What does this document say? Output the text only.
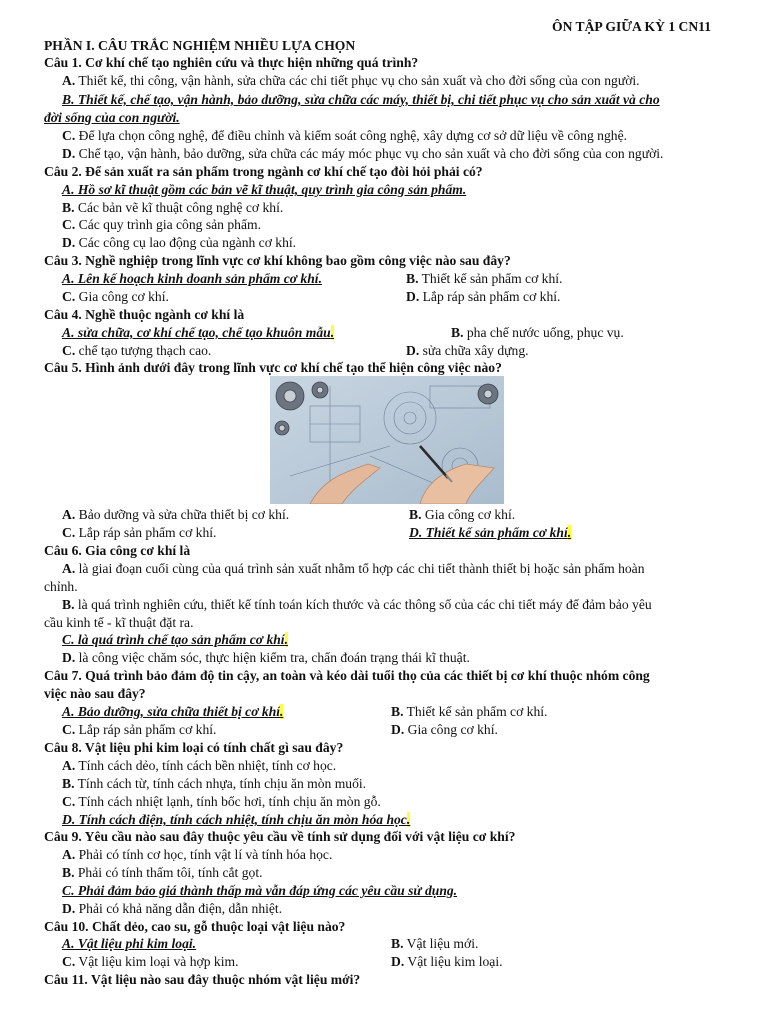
ÔN TẬP GIỮA KỲ 1 CN11
PHẦN I. CÂU TRẮC NGHIỆM NHIỀU LỰA CHỌN
Câu 1. Cơ khí chế tạo nghiên cứu và thực hiện những quá trình?
A. Thiết kế, thi công, vận hành, sửa chữa các chi tiết phục vụ cho sản xuất và cho đời sống của con người.
B. Thiết kế, chế tạo, vận hành, bảo dưỡng, sửa chữa các máy, thiết bị, chi tiết phục vụ cho sản xuất và cho
đời sống của con người.
C. Để lựa chọn công nghệ, để điều chỉnh và kiểm soát công nghệ, xây dựng cơ sở dữ liệu về công nghệ.
D. Chế tạo, vận hành, bảo dưỡng, sửa chữa các máy móc phục vụ cho sản xuất và cho đời sống của con người.
Câu 2. Để sản xuất ra sản phẩm trong ngành cơ khí chế tạo đòi hỏi phải có?
A. Hồ sơ kĩ thuật gồm các bản vẽ kĩ thuật, quy trình gia công sản phẩm.
B. Các bản vẽ kĩ thuật công nghệ cơ khí.
C. Các quy trình gia công sản phẩm.
D. Các công cụ lao động của ngành cơ khí.
Câu 3. Nghề nghiệp trong lĩnh vực cơ khí không bao gồm công việc nào sau đây?
A. Lên kế hoạch kinh doanh sản phẩm cơ khí.	B. Thiết kế sản phẩm cơ khí.
C. Gia công cơ khí.	D. Lắp ráp sản phẩm cơ khí.
Câu 4. Nghề thuộc ngành cơ khí là
A. sửa chữa, cơ khí chế tạo, chế tạo khuôn mẫu.	B. pha chế nước uống, phục vụ.
C. chế tạo tượng thạch cao.	D. sửa chữa xây dựng.
Câu 5. Hình ảnh dưới đây trong lĩnh vực cơ khí chế tạo thể hiện công việc nào?
A. Bảo dưỡng và sửa chữa thiết bị cơ khí.	B. Gia công cơ khí.
C. Lắp ráp sản phẩm cơ khí.	D. Thiết kế sản phẩm cơ khí.
Câu 6. Gia công cơ khí là
A. là giai đoạn cuối cùng của quá trình sản xuất nhằm tổ hợp các chi tiết thành thiết bị hoặc sản phẩm hoàn
chỉnh.
B. là quá trình nghiên cứu, thiết kế tính toán kích thước và các thông số của các chi tiết máy để đảm bảo yêu
cầu kinh tế - kĩ thuật đặt ra.
C. là quá trình chế tạo sản phẩm cơ khí.
D. là công việc chăm sóc, thực hiện kiểm tra, chẩn đoán trạng thái kĩ thuật.
Câu 7. Quá trình bảo đảm độ tin cậy, an toàn và kéo dài tuổi thọ của các thiết bị cơ khí thuộc nhóm công
việc nào sau đây?
A. Bảo dưỡng, sửa chữa thiết bị cơ khí.	B. Thiết kế sản phẩm cơ khí.
C. Lắp ráp sản phẩm cơ khí.	D. Gia công cơ khí.
Câu 8. Vật liệu phi kim loại có tính chất gì sau đây?
A. Tính cách dẻo, tính cách bền nhiệt, tính cơ học.
B. Tính cách từ, tính cách nhựa, tính chịu ăn mòn muối.
C. Tính cách nhiệt lạnh, tính bốc hơi, tính chịu ăn mòn gỗ.
D. Tính cách điện, tính cách nhiệt, tính chịu ăn mòn hóa học.
Câu 9. Yêu cầu nào sau đây thuộc yêu cầu về tính sử dụng đối với vật liệu cơ khí?
A. Phải có tính cơ học, tính vật lí và tính hóa học.
B. Phải có tính thấm tôi, tính cắt gọt.
C. Phải đảm bảo giá thành thấp mà vẫn đáp ứng các yêu cầu sử dụng.
D. Phải có khả năng dẫn điện, dẫn nhiệt.
Câu 10. Chất dẻo, cao su, gỗ thuộc loại vật liệu nào?
A. Vật liệu phi kim loại.	B. Vật liệu mới.
C. Vật liệu kim loại và hợp kim.	D. Vật liệu kim loại.
Câu 11. Vật liệu nào sau đây thuộc nhóm vật liệu mới?
